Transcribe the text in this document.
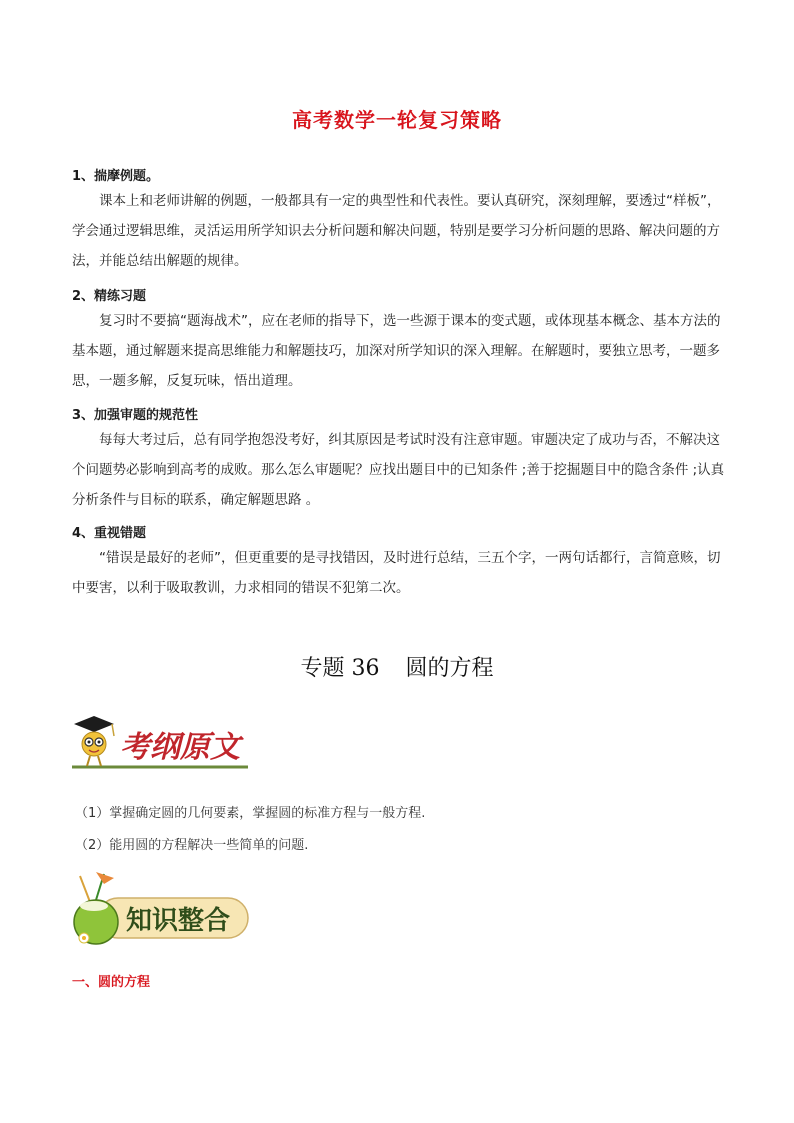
高考数学一轮复习策略
1、揣摩例题。
课本上和老师讲解的例题，一般都具有一定的典型性和代表性。要认真研究，深刻理解，要透过“样板”，学会通过逻辑思维，灵活运用所学知识去分析问题和解决问题，特别是要学习分析问题的思路、解决问题的方法，并能总结出解题的规律。
2、精练习题
复习时不要搞“题海战术”，应在老师的指导下，选一些源于课本的变式题，或体现基本概念、基本方法的基本题，通过解题来提高思维能力和解题技巧，加深对所学知识的深入理解。在解题时，要独立思考，一题多思，一题多解，反复玩味，悟出道理。
3、加强审题的规范性
每每大考过后，总有同学抱怨没考好，纠其原因是考试时没有注意审题。审题决定了成功与否，不解决这个问题势必影响到高考的成败。那么怎么审题呢？应找出题目中的已知条件 ;善于挖掘题目中的隐含条件 ;认真分析条件与目标的联系，确定解题思路 。
4、重视错题
“错误是最好的老师”，但更重要的是寻找错因，及时进行总结，三五个字，一两句话都行，言简意赅，切中要害，以利于吸取教训，力求相同的错误不犯第二次。
专题 36 圆的方程
考纲原文
（1）掌握确定圆的几何要素，掌握圆的标准方程与一般方程.
（2）能用圆的方程解决一些简单的问题.
知识整合
一、圆的方程
